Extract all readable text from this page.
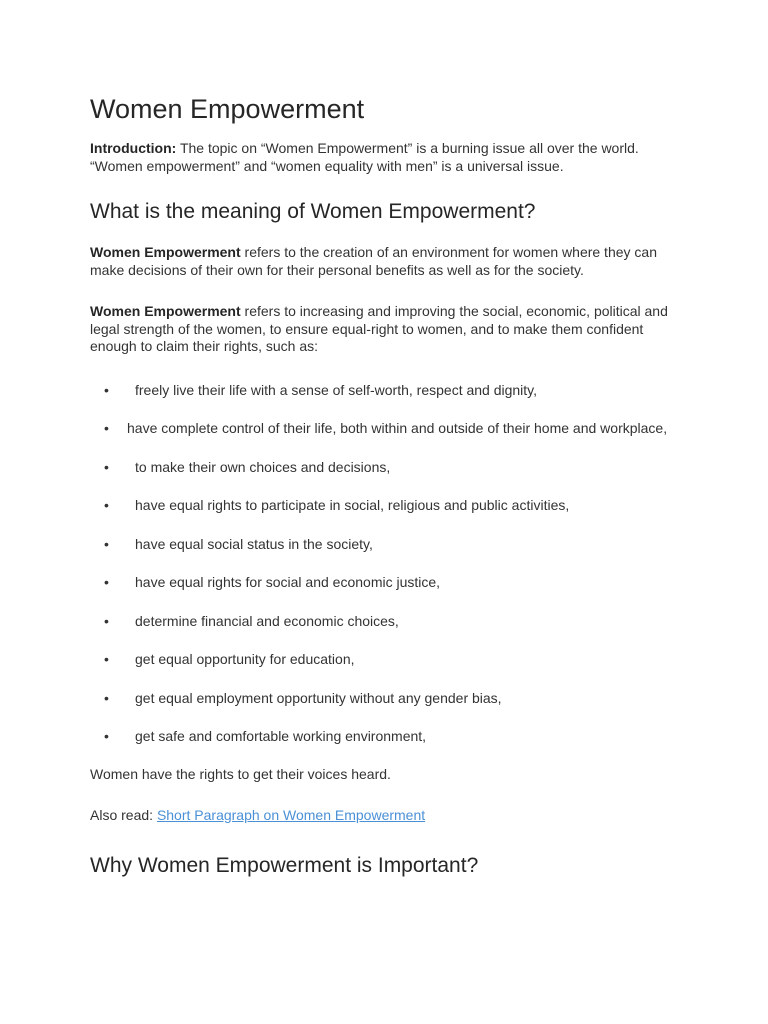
Women Empowerment

Introduction: The topic on “Women Empowerment” is a burning issue all over the world. “Women empowerment” and “women equality with men” is a universal issue.

What is the meaning of Women Empowerment?

Women Empowerment refers to the creation of an environment for women where they can make decisions of their own for their personal benefits as well as for the society.

Women Empowerment refers to increasing and improving the social, economic, political and legal strength of the women, to ensure equal-right to women, and to make them confident enough to claim their rights, such as:

• freely live their life with a sense of self-worth, respect and dignity,
• have complete control of their life, both within and outside of their home and workplace,
• to make their own choices and decisions,
• have equal rights to participate in social, religious and public activities,
• have equal social status in the society,
• have equal rights for social and economic justice,
• determine financial and economic choices,
• get equal opportunity for education,
• get equal employment opportunity without any gender bias,
• get safe and comfortable working environment,

Women have the rights to get their voices heard.

Also read: Short Paragraph on Women Empowerment

Why Women Empowerment is Important?
